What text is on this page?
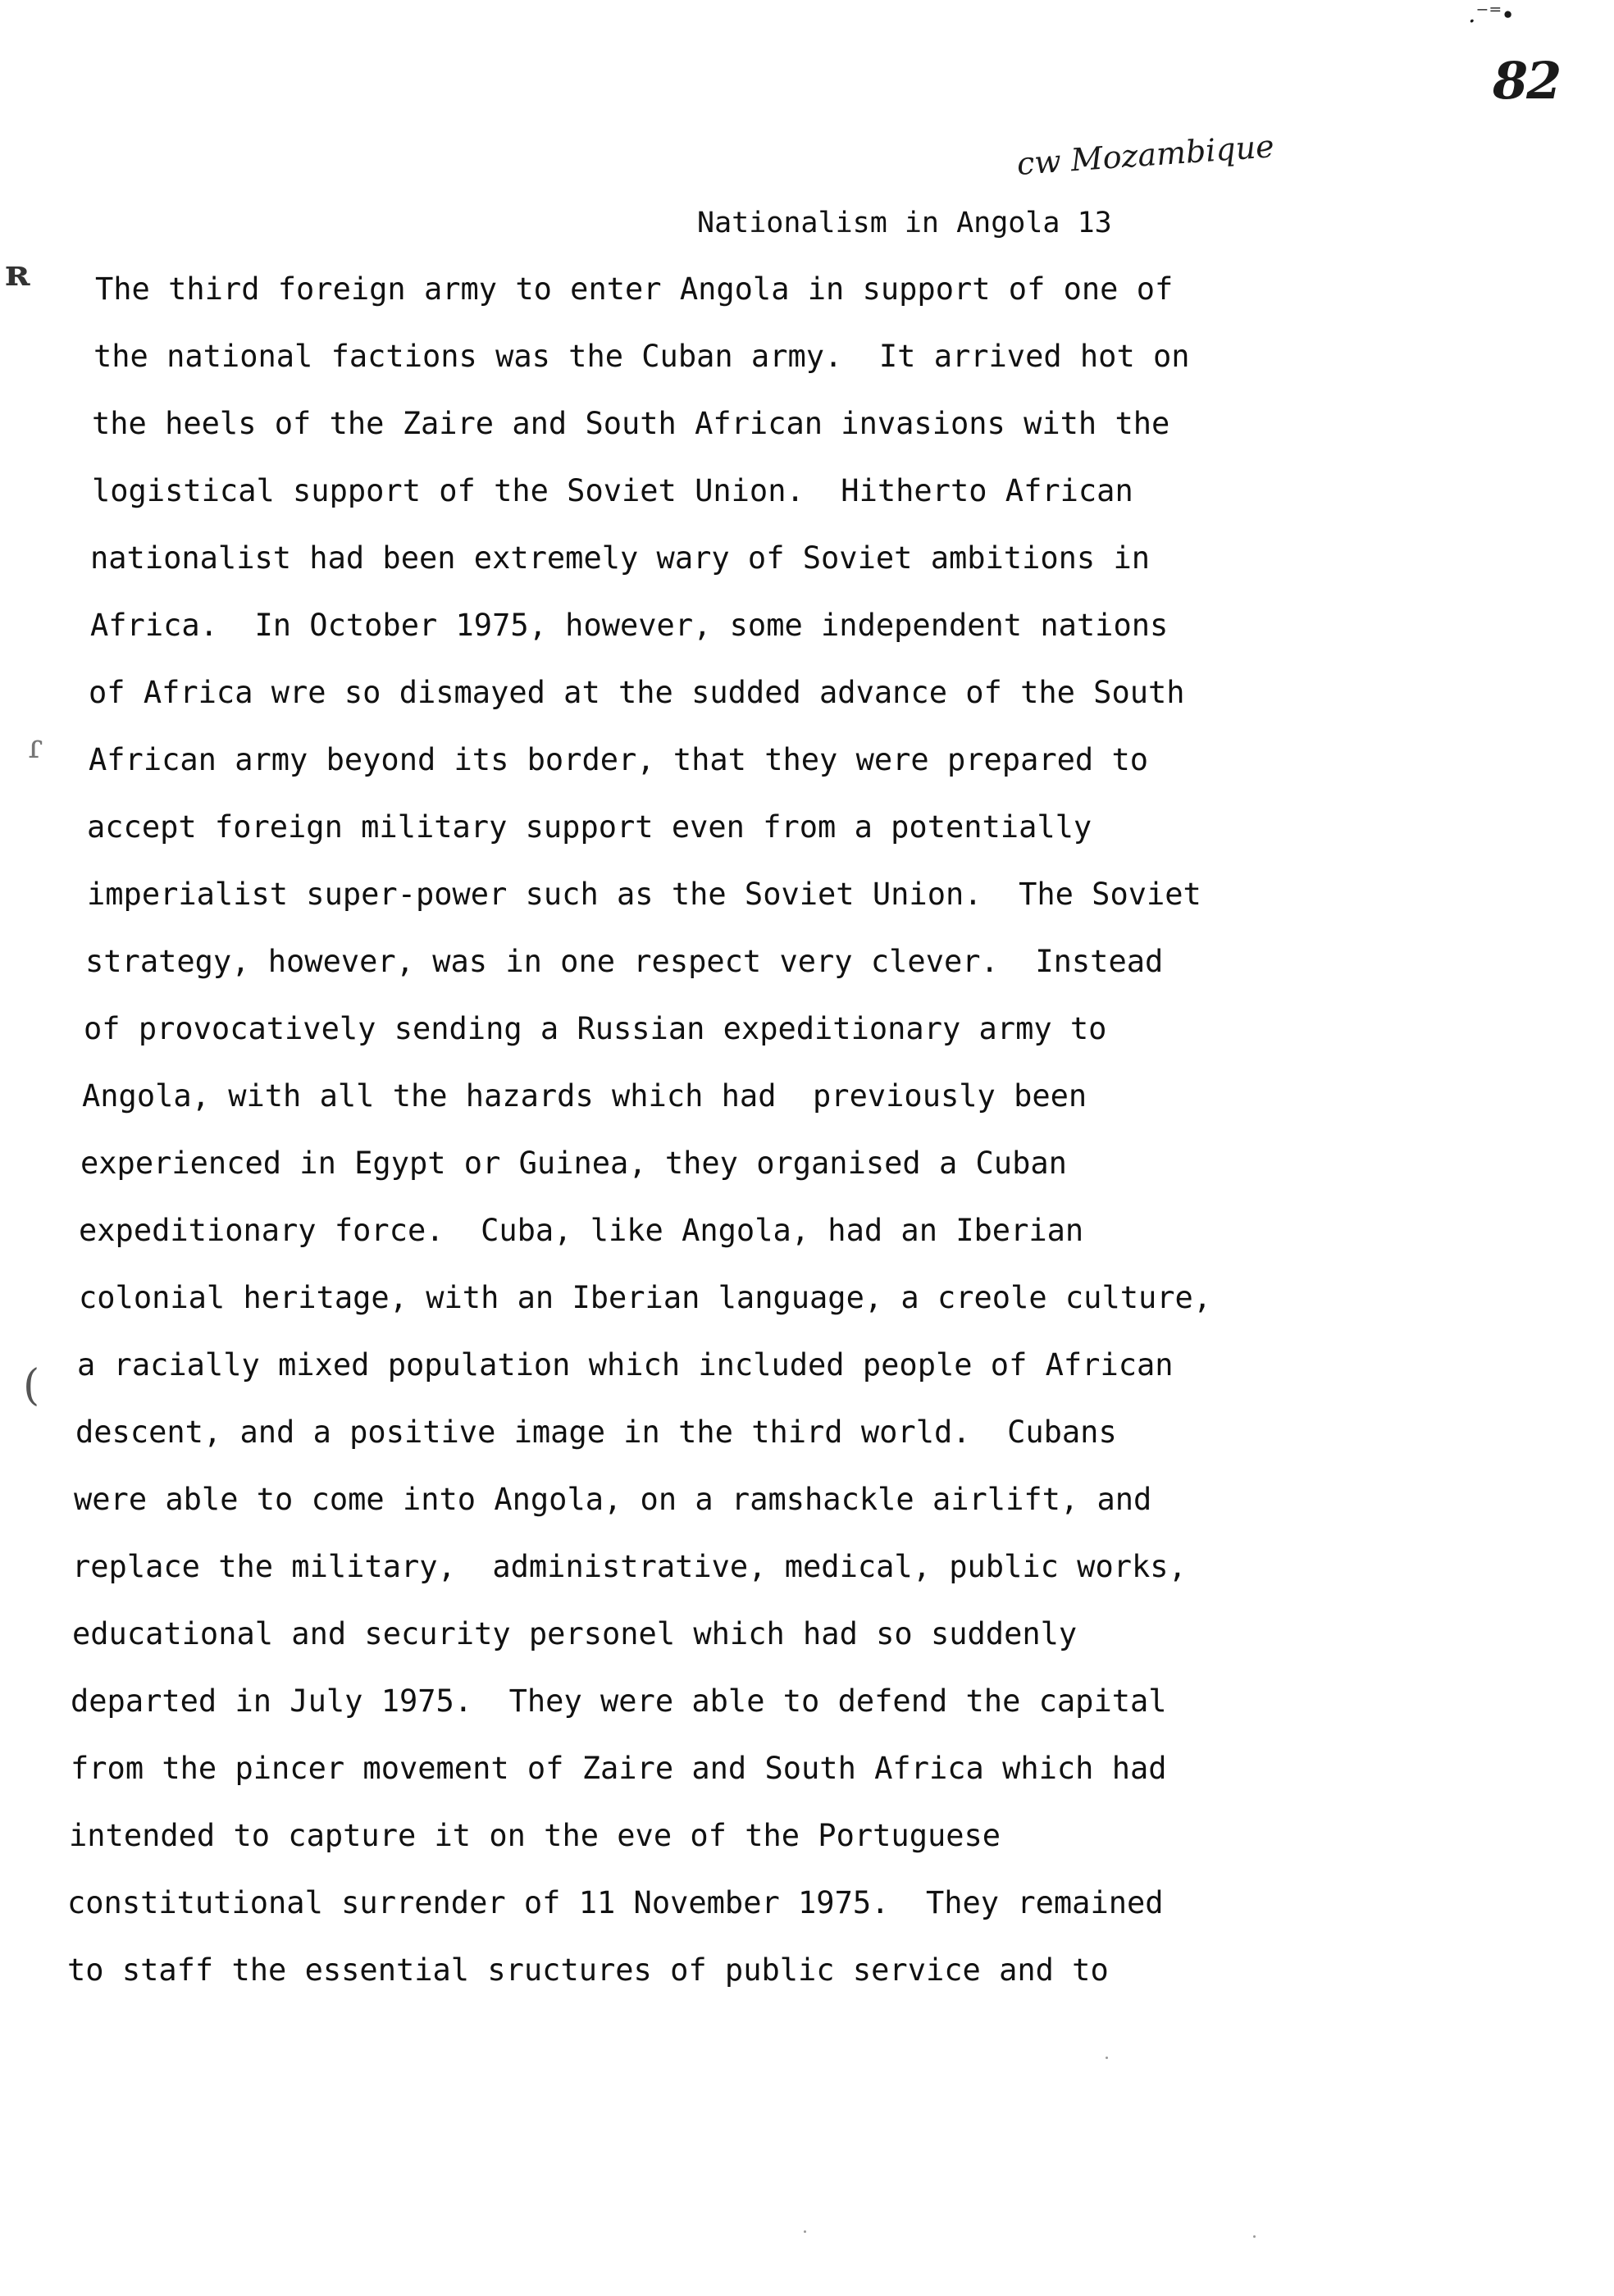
.⁻⁼∙
82
cw Mozambique
Nationalism in Angola 13
ʀ
ɾ
(
The third foreign army to enter Angola in support of one of
the national factions was the Cuban army.  It arrived hot on
the heels of the Zaire and South African invasions with the
logistical support of the Soviet Union.  Hitherto African
nationalist had been extremely wary of Soviet ambitions in
Africa.  In October 1975, however, some independent nations
of Africa wre so dismayed at the sudded advance of the South
African army beyond its border, that they were prepared to
accept foreign military support even from a potentially
imperialist super-power such as the Soviet Union.  The Soviet
strategy, however, was in one respect very clever.  Instead
of provocatively sending a Russian expeditionary army to
Angola, with all the hazards which had  previously been
experienced in Egypt or Guinea, they organised a Cuban
expeditionary force.  Cuba, like Angola, had an Iberian
colonial heritage, with an Iberian language, a creole culture,
a racially mixed population which included people of African
descent, and a positive image in the third world.  Cubans
were able to come into Angola, on a ramshackle airlift, and
replace the military,  administrative, medical, public works,
educational and security personel which had so suddenly
departed in July 1975.  They were able to defend the capital
from the pincer movement of Zaire and South Africa which had
intended to capture it on the eve of the Portuguese
constitutional surrender of 11 November 1975.  They remained
to staff the essential sructures of public service and to
